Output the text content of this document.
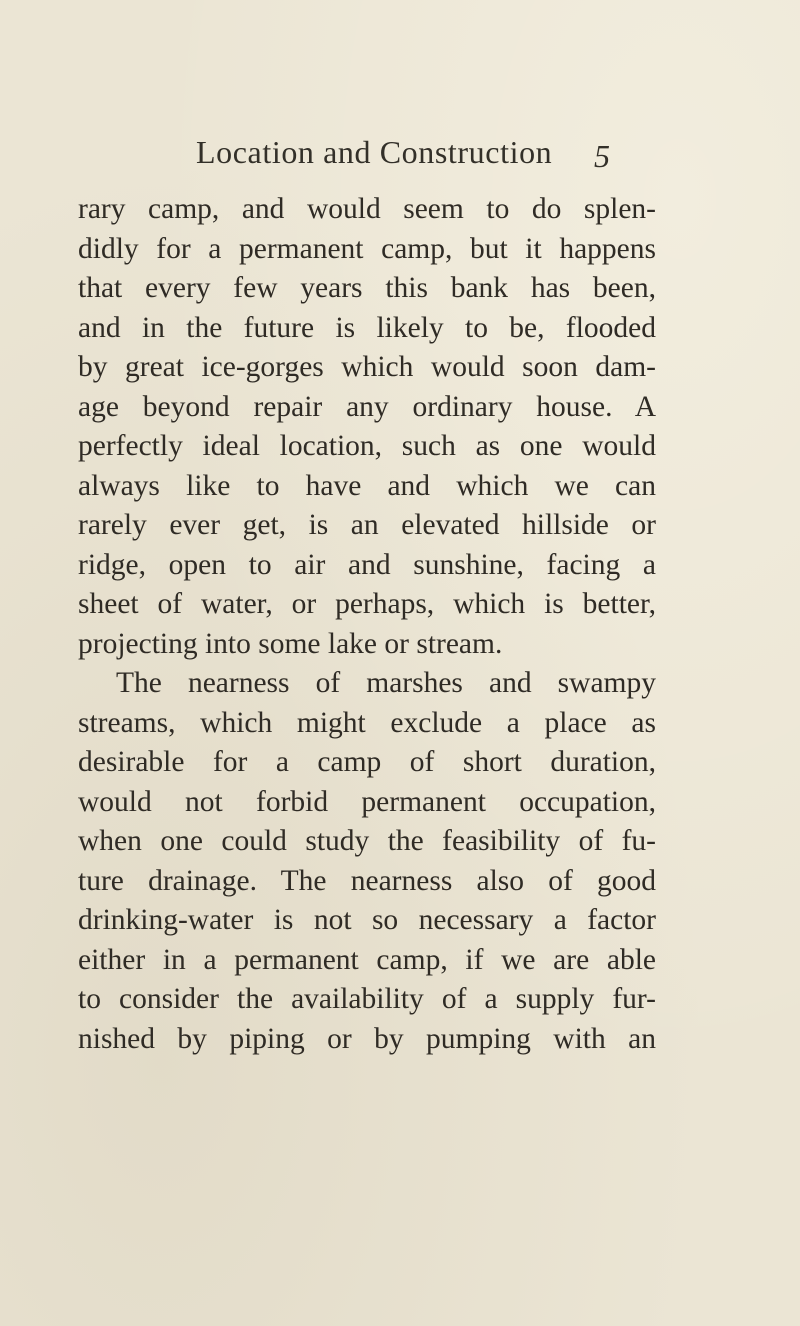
Location and Construction 5
rary camp, and would seem to do splen-
didly for a permanent camp, but it happens
that every few years this bank has been,
and in the future is likely to be, flooded
by great ice-gorges which would soon dam-
age beyond repair any ordinary house. A
perfectly ideal location, such as one would
always like to have and which we can
rarely ever get, is an elevated hillside or
ridge, open to air and sunshine, facing a
sheet of water, or perhaps, which is better,
projecting into some lake or stream.
The nearness of marshes and swampy
streams, which might exclude a place as
desirable for a camp of short duration,
would not forbid permanent occupation,
when one could study the feasibility of fu-
ture drainage. The nearness also of good
drinking-water is not so necessary a factor
either in a permanent camp, if we are able
to consider the availability of a supply fur-
nished by piping or by pumping with an
